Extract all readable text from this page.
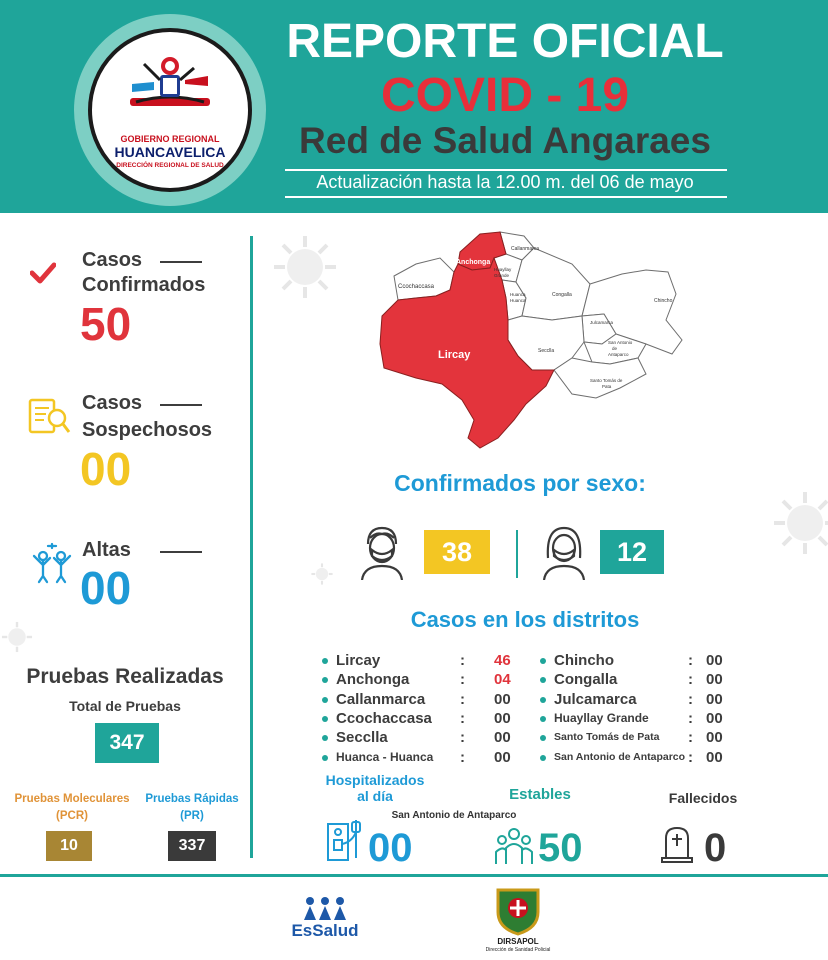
GOBIERNO REGIONAL
HUANCAVELICA
DIRECCIÓN REGIONAL DE SALUD
REPORTE OFICIAL
COVID - 19
Red de Salud Angaraes
Actualización hasta la 12.00 m. del 06 de mayo
Casos
Confirmados
50
Casos
Sospechosos
00
Altas
00
Pruebas Realizadas
Total de Pruebas
347
Pruebas Moleculares
(PCR)
10
Pruebas Rápidas
(PR)
337
Anchonga
Callanmarca
Huayllay
Grande
Huanca
Huanca
Ccochaccasa
Congalla
Chincho
Julcamarca
Lircay	Secclla
San Antonio
de
Antaparco
Santo Tomás de
Pata
Confirmados por sexo:
38	12
Casos en los distritos
Lircay	: 46
Anchonga	: 04
Callanmarca : 00
Ccochaccasa : 00
Secclla	: 00
Huanca - Huanca : 00
Chincho	: 00
Congalla	: 00
Julcamarca	: 00
Huayllay Grande	: 00
Santo Tomás de Pata : 00
San Antonio de Antaparco : 00
Hospitalizados
al día
San Antonio de Antaparco
00
Estables
50
Fallecidos
0
EsSalud
DIRSAPOL
Dirección de Sanidad Policial
